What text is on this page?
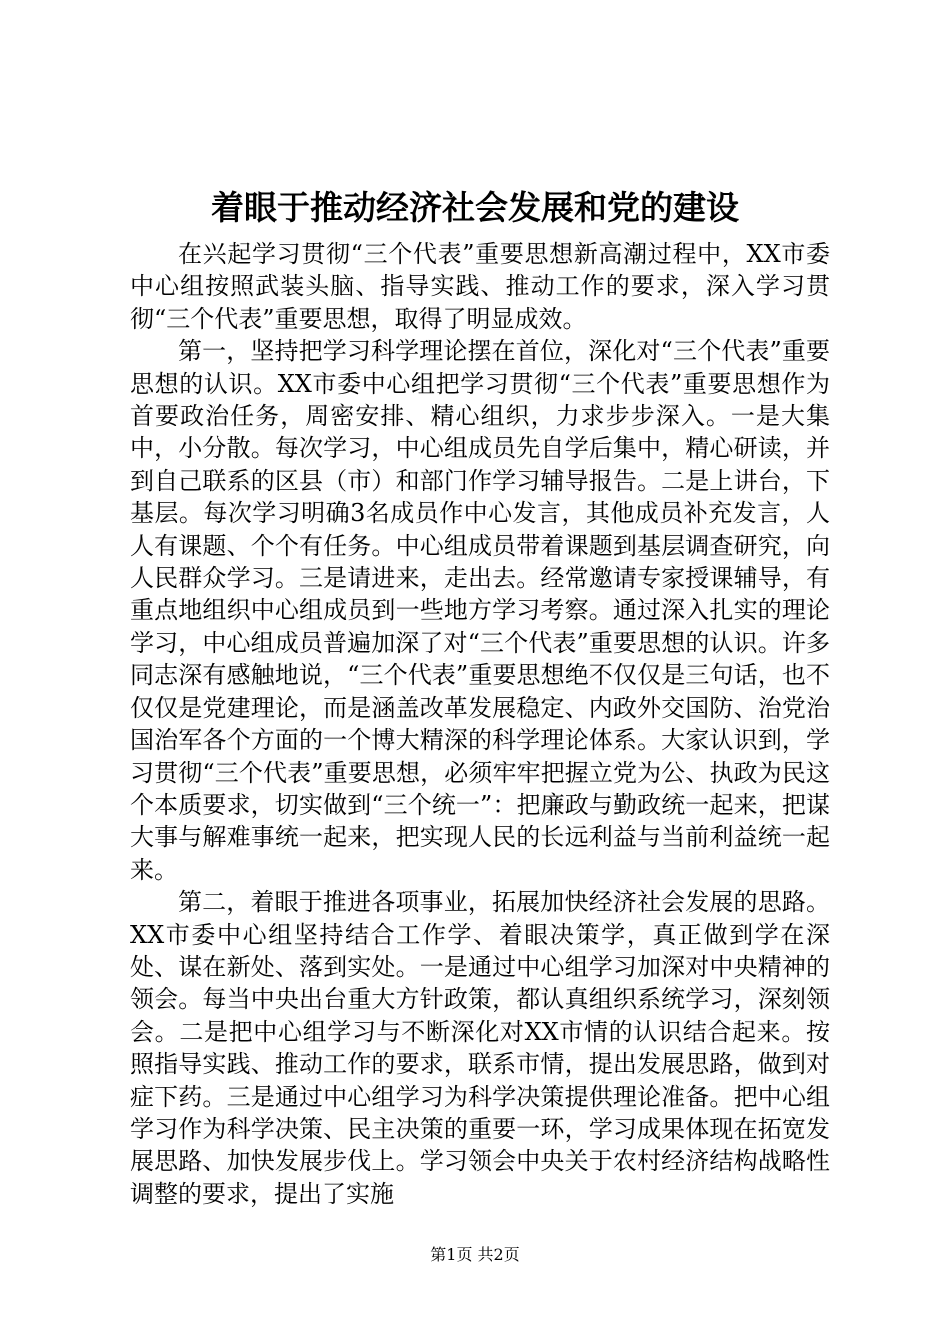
着眼于推动经济社会发展和党的建设

在兴起学习贯彻“三个代表”重要思想新高潮过程中，XX市委中心组按照武装头脑、指导实践、推动工作的要求，深入学习贯彻“三个代表”重要思想，取得了明显成效。

第一，坚持把学习科学理论摆在首位，深化对“三个代表”重要思想的认识。XX市委中心组把学习贯彻“三个代表”重要思想作为首要政治任务，周密安排、精心组织，力求步步深入。一是大集中，小分散。每次学习，中心组成员先自学后集中，精心研读，并到自己联系的区县（市）和部门作学习辅导报告。二是上讲台，下基层。每次学习明确3名成员作中心发言，其他成员补充发言，人人有课题、个个有任务。中心组成员带着课题到基层调查研究，向人民群众学习。三是请进来，走出去。经常邀请专家授课辅导，有重点地组织中心组成员到一些地方学习考察。通过深入扎实的理论学习，中心组成员普遍加深了对“三个代表”重要思想的认识。许多同志深有感触地说，“三个代表”重要思想绝不仅仅是三句话，也不仅仅是党建理论，而是涵盖改革发展稳定、内政外交国防、治党治国治军各个方面的一个博大精深的科学理论体系。大家认识到，学习贯彻“三个代表”重要思想，必须牢牢把握立党为公、执政为民这个本质要求，切实做到“三个统一”：把廉政与勤政统一起来，把谋大事与解难事统一起来，把实现人民的长远利益与当前利益统一起来。

第二，着眼于推进各项事业，拓展加快经济社会发展的思路。XX市委中心组坚持结合工作学、着眼决策学，真正做到学在深处、谋在新处、落到实处。一是通过中心组学习加深对中央精神的领会。每当中央出台重大方针政策，都认真组织系统学习，深刻领会。二是把中心组学习与不断深化对XX市情的认识结合起来。按照指导实践、推动工作的要求，联系市情，提出发展思路，做到对症下药。三是通过中心组学习为科学决策提供理论准备。把中心组学习作为科学决策、民主决策的重要一环，学习成果体现在拓宽发展思路、加快发展步伐上。学习领会中央关于农村经济结构战略性调整的要求，提出了实施

第1页 共2页
